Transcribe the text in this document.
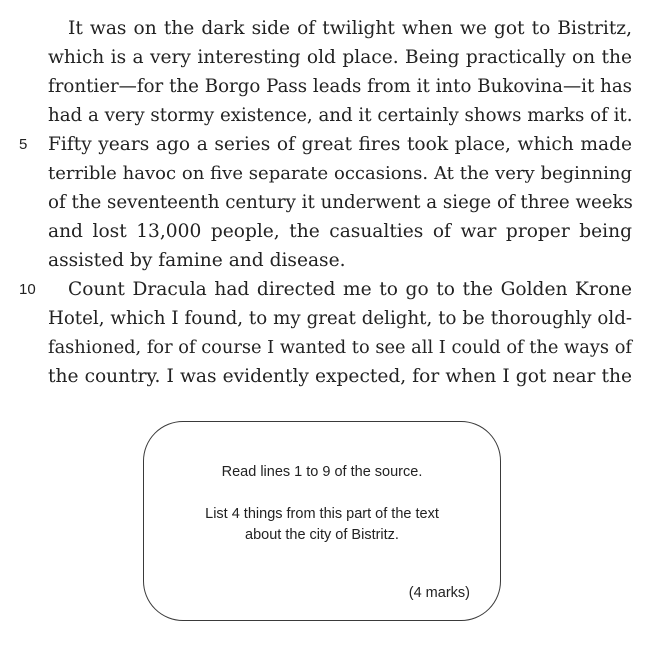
It was on the dark side of twilight when we got to Bistritz,
which is a very interesting old place. Being practically on the
frontier—for the Borgo Pass leads from it into Bukovina—it has
had a very stormy existence, and it certainly shows marks of it.
5 Fifty years ago a series of great fires took place, which made
terrible havoc on five separate occasions. At the very beginning
of the seventeenth century it underwent a siege of three weeks
and lost 13,000 people, the casualties of war proper being
assisted by famine and disease.
10 Count Dracula had directed me to go to the Golden Krone
Hotel, which I found, to my great delight, to be thoroughly old-
fashioned, for of course I wanted to see all I could of the ways of
the country. I was evidently expected, for when I got near the
Read lines 1 to 9 of the source.
List 4 things from this part of the text
about the city of Bistritz.
(4 marks)
